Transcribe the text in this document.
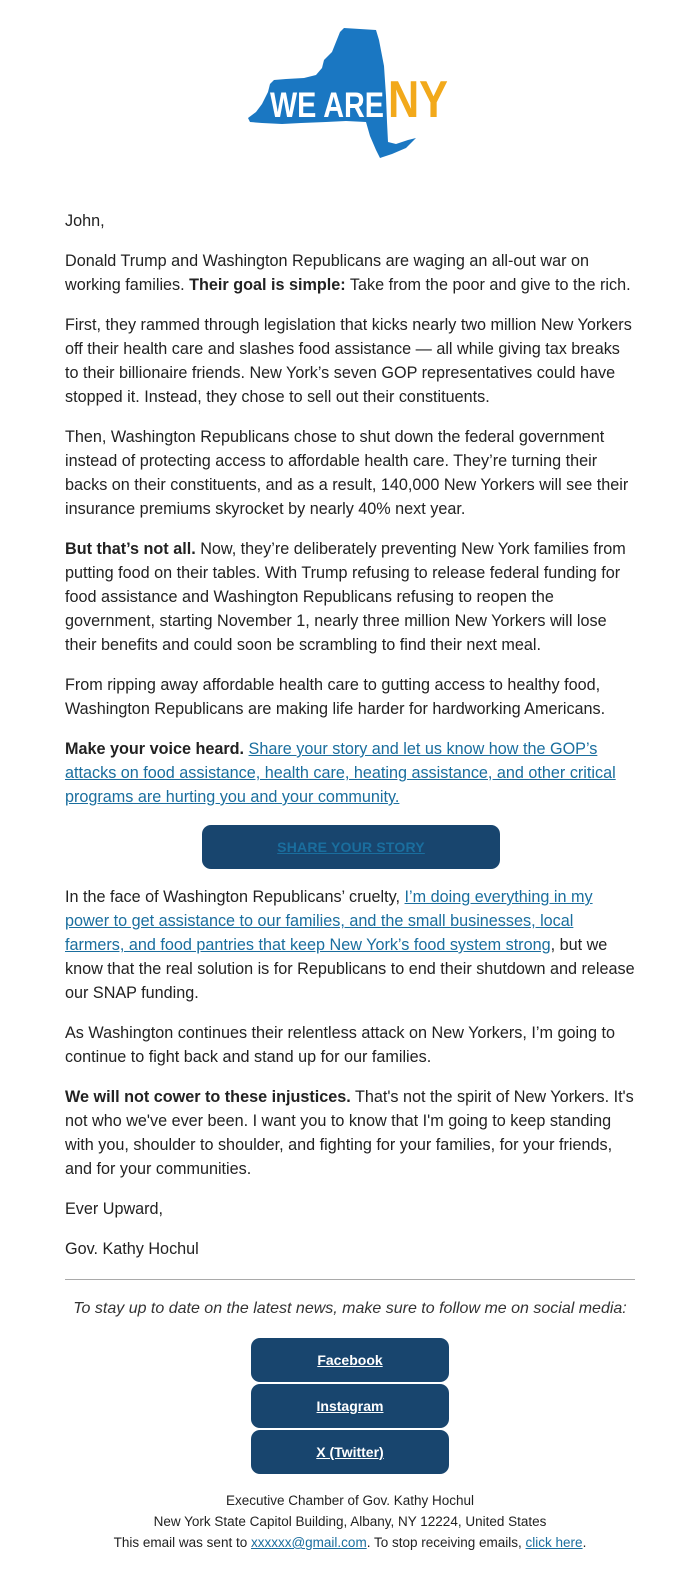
WE ARE NY

John,

Donald Trump and Washington Republicans are waging an all-out war on working families. Their goal is simple: Take from the poor and give to the rich.

First, they rammed through legislation that kicks nearly two million New Yorkers off their health care and slashes food assistance — all while giving tax breaks to their billionaire friends. New York’s seven GOP representatives could have stopped it. Instead, they chose to sell out their constituents.

Then, Washington Republicans chose to shut down the federal government instead of protecting access to affordable health care. They’re turning their backs on their constituents, and as a result, 140,000 New Yorkers will see their insurance premiums skyrocket by nearly 40% next year.

But that’s not all. Now, they’re deliberately preventing New York families from putting food on their tables. With Trump refusing to release federal funding for food assistance and Washington Republicans refusing to reopen the government, starting November 1, nearly three million New Yorkers will lose their benefits and could soon be scrambling to find their next meal.

From ripping away affordable health care to gutting access to healthy food, Washington Republicans are making life harder for hardworking Americans.

Make your voice heard. Share your story and let us know how the GOP’s attacks on food assistance, health care, heating assistance, and other critical programs are hurting you and your community.

SHARE YOUR STORY

In the face of Washington Republicans’ cruelty, I’m doing everything in my power to get assistance to our families, and the small businesses, local farmers, and food pantries that keep New York’s food system strong, but we know that the real solution is for Republicans to end their shutdown and release our SNAP funding.

As Washington continues their relentless attack on New Yorkers, I’m going to continue to fight back and stand up for our families.

We will not cower to these injustices. That's not the spirit of New Yorkers. It's not who we've ever been. I want you to know that I'm going to keep standing with you, shoulder to shoulder, and fighting for your families, for your friends, and for your communities.

Ever Upward,

Gov. Kathy Hochul

To stay up to date on the latest news, make sure to follow me on social media:
Facebook
Instagram
X (Twitter)
Executive Chamber of Gov. Kathy Hochul
New York State Capitol Building, Albany, NY 12224, United States
This email was sent to xxxxxx@gmail.com. To stop receiving emails, click here.
